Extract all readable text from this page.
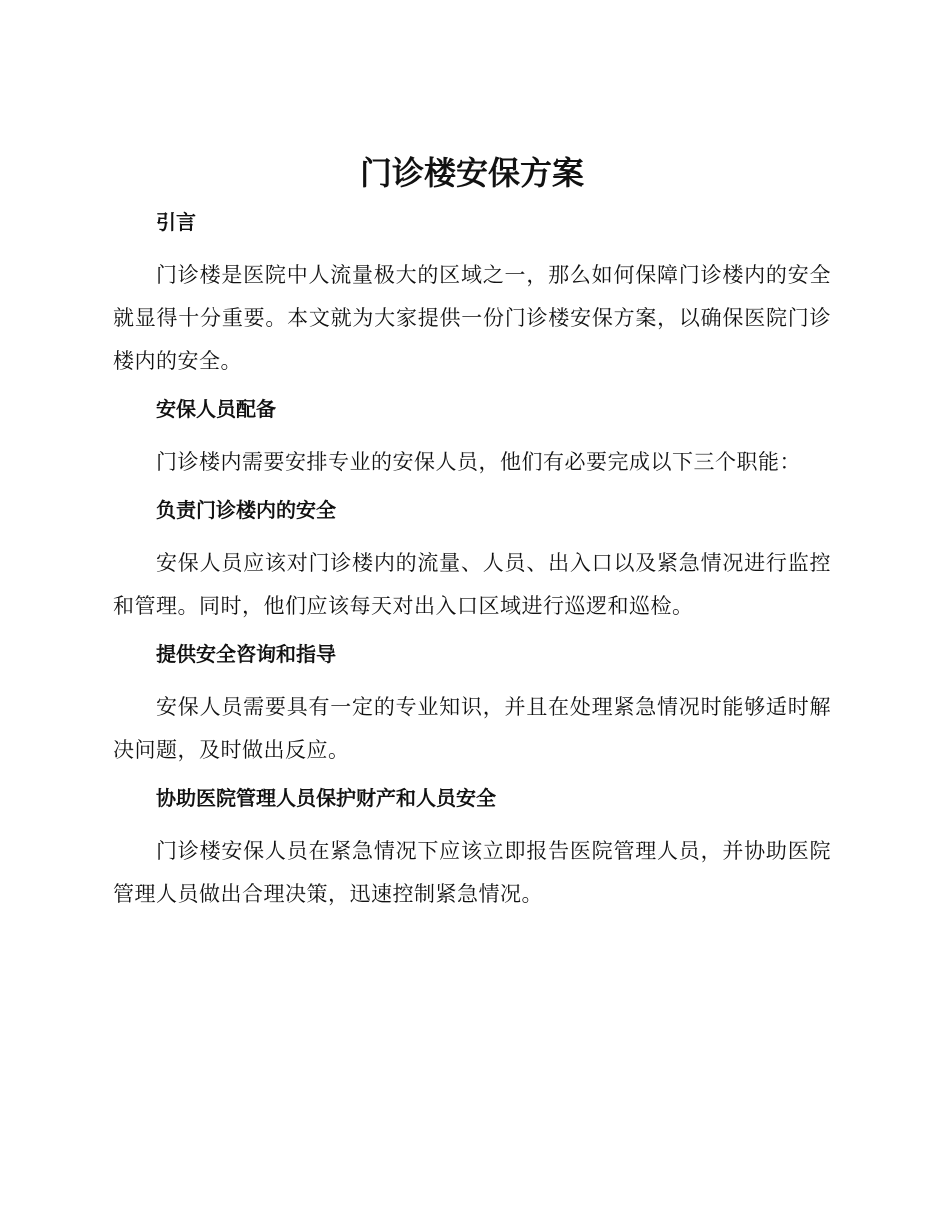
门诊楼安保方案
引言

门诊楼是医院中人流量极大的区域之一，那么如何保障门诊楼内的安全就显得十分重要。本文就为大家提供一份门诊楼安保方案，以确保医院门诊楼内的安全。

安保人员配备

门诊楼内需要安排专业的安保人员，他们有必要完成以下三个职能：

负责门诊楼内的安全

安保人员应该对门诊楼内的流量、人员、出入口以及紧急情况进行监控和管理。同时，他们应该每天对出入口区域进行巡逻和巡检。

提供安全咨询和指导

安保人员需要具有一定的专业知识，并且在处理紧急情况时能够适时解决问题，及时做出反应。

协助医院管理人员保护财产和人员安全

门诊楼安保人员在紧急情况下应该立即报告医院管理人员，并协助医院管理人员做出合理决策，迅速控制紧急情况。
